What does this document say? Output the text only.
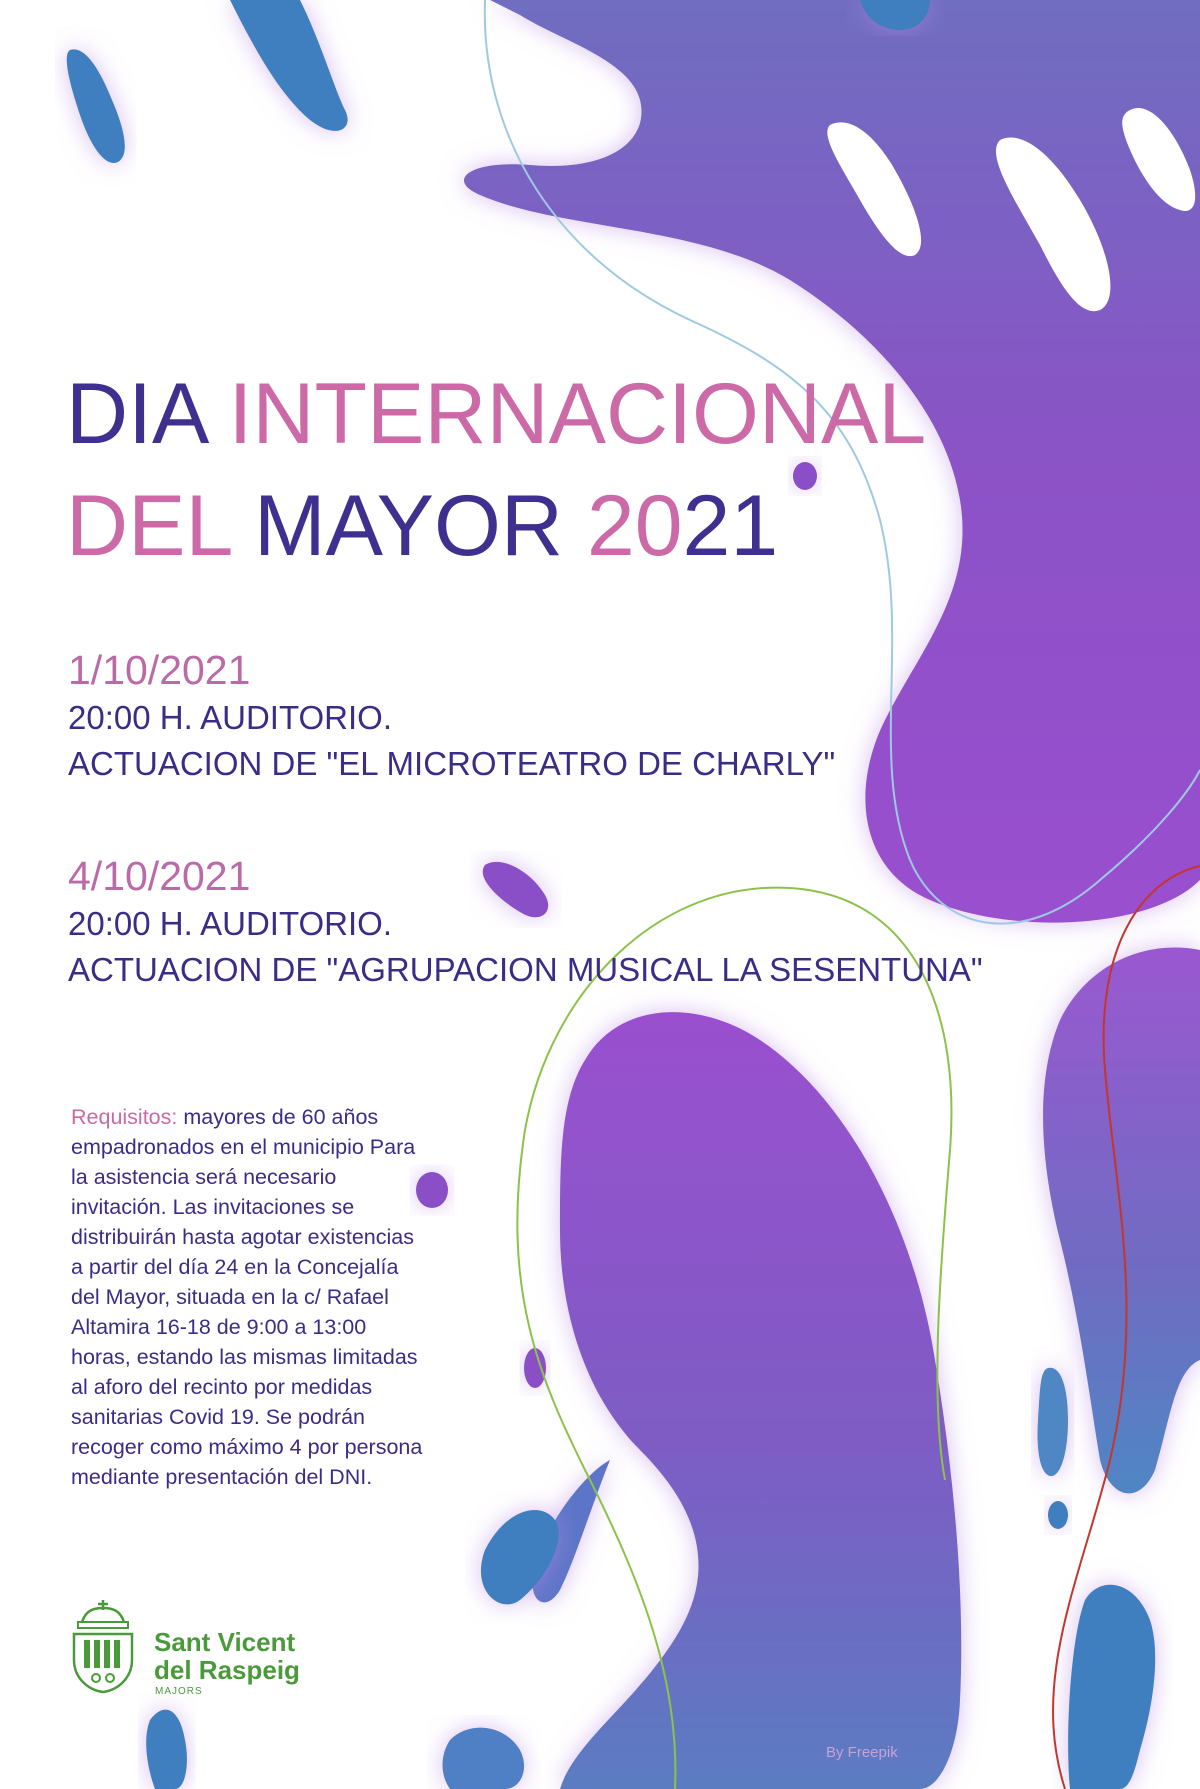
DIA INTERNACIONAL
DEL MAYOR 2021
1/10/2021
20:00 H. AUDITORIO.
ACTUACION DE "EL MICROTEATRO DE CHARLY"
4/10/2021
20:00 H. AUDITORIO.
ACTUACION DE "AGRUPACION MUSICAL LA SESENTUNA"
Requisitos: mayores de 60 años empadronados en el municipio Para la asistencia será necesario invitación. Las invitaciones se distribuirán hasta agotar existencias a partir del día 24 en la Concejalía del Mayor, situada en la c/ Rafael Altamira 16-18 de 9:00 a 13:00 horas, estando las mismas limitadas al aforo del recinto por medidas sanitarias Covid 19. Se podrán recoger como máximo 4 por persona mediante presentación del DNI.
Sant Vicent
del Raspeig
MAJORS
By Freepik
